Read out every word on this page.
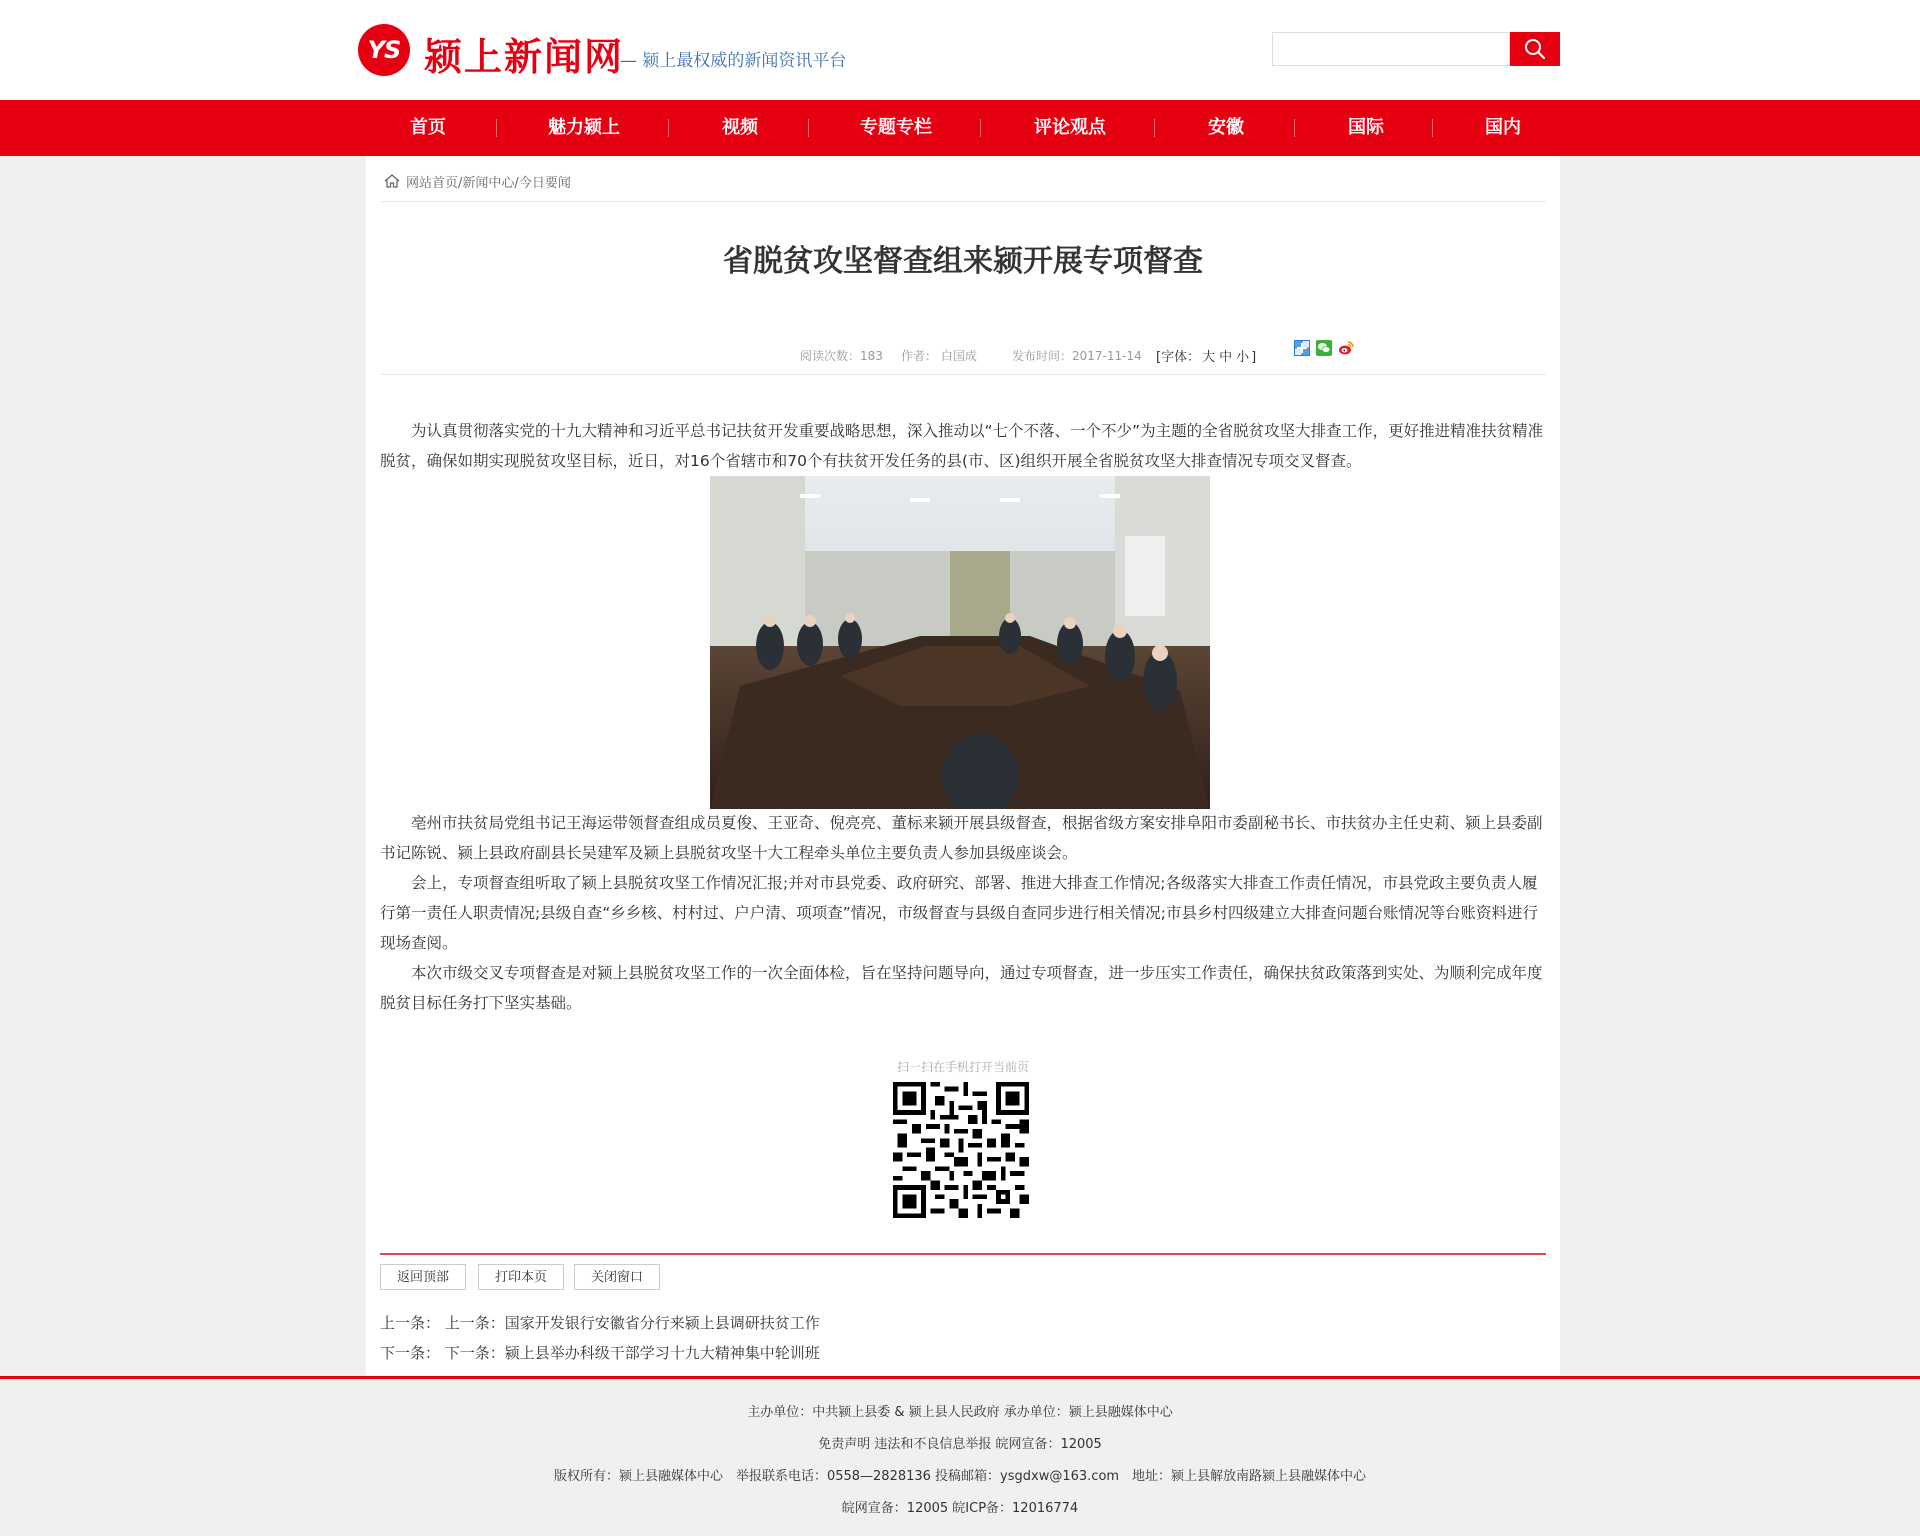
YS 颍上新闻网
— 颍上最权威的新闻资讯平台
首页	魅力颍上	视频	专题专栏	评论观点	安徽	国际	国内
网站首页/新闻中心/今日要闻
省脱贫攻坚督查组来颍开展专项督查
阅读次数：183 作者： 白国成	发布时间：2017-11-14 [字体： 大 中 小 ]

为认真贯彻落实党的十九大精神和习近平总书记扶贫开发重要战略思想，深入推动以“七个不落、一个不少”为主题的全省脱贫攻坚大排查工作，更好推进精准扶贫精准脱贫，确保如期实现脱贫攻坚目标，近日，对16个省辖市和70个有扶贫开发任务的县(市、区)组织开展全省脱贫攻坚大排查情况专项交叉督查。

亳州市扶贫局党组书记王海运带领督查组成员夏俊、王亚奇、倪亮亮、董标来颍开展县级督查，根据省级方案安排阜阳市委副秘书长、市扶贫办主任史莉、颍上县委副书记陈锐、颍上县政府副县长吴建军及颍上县脱贫攻坚十大工程牵头单位主要负责人参加县级座谈会。

会上，专项督查组听取了颍上县脱贫攻坚工作情况汇报;并对市县党委、政府研究、部署、推进大排查工作情况;各级落实大排查工作责任情况，市县党政主要负责人履行第一责任人职责情况;县级自查“乡乡核、村村过、户户清、项项查”情况，市级督查与县级自查同步进行相关情况;市县乡村四级建立大排查问题台账情况等台账资料进行现场查阅。

本次市级交叉专项督查是对颍上县脱贫攻坚工作的一次全面体检，旨在坚持问题导向，通过专项督查，进一步压实工作责任，确保扶贫政策落到实处、为顺利完成年度脱贫目标任务打下坚实基础。

扫一扫在手机打开当前页
返回顶部	打印本页	关闭窗口
上一条： 上一条：国家开发银行安徽省分行来颍上县调研扶贫工作
下一条： 下一条：颍上县举办科级干部学习十九大精神集中轮训班
主办单位：中共颍上县委 & 颍上县人民政府 承办单位：颍上县融媒体中心
免责声明 违法和不良信息举报 皖网宣备：12005
版权所有：颍上县融媒体中心　举报联系电话：0558—2828136 投稿邮箱：ysgdxw@163.com　地址：颍上县解放南路颍上县融媒体中心
皖网宣备：12005 皖ICP备：12016774
